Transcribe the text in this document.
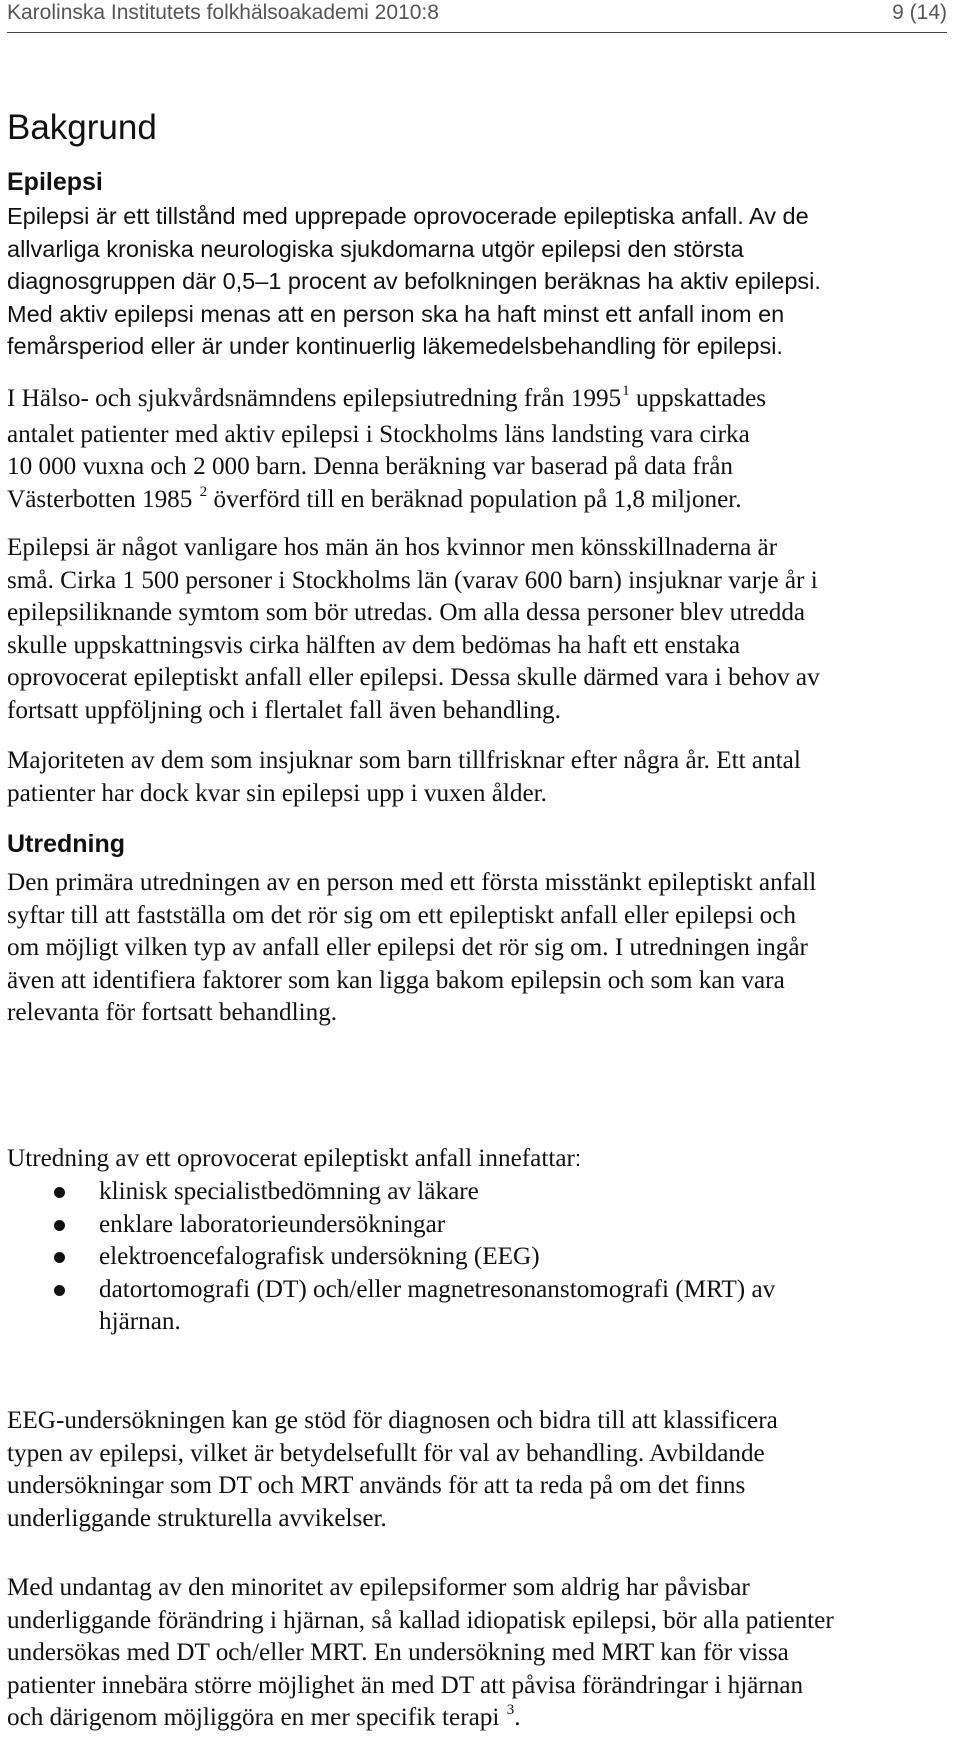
Karolinska Institutets folkhälsoakademi 2010:8	9 (14)
Bakgrund
Epilepsi
Epilepsi är ett tillstånd med upprepade oprovocerade epileptiska anfall. Av de
allvarliga kroniska neurologiska sjukdomarna utgör epilepsi den största
diagnosgruppen där 0,5–1 procent av befolkningen beräknas ha aktiv epilepsi.
Med aktiv epilepsi menas att en person ska ha haft minst ett anfall inom en
femårsperiod eller är under kontinuerlig läkemedelsbehandling för epilepsi.
I Hälso- och sjukvårdsnämndens epilepsiutredning från 1995$^1$ uppskattades
antalet patienter med aktiv epilepsi i Stockholms läns landsting vara cirka
10 000 vuxna och 2 000 barn. Denna beräkning var baserad på data från
Västerbotten 1985 $^2$ överförd till en beräknad population på 1,8 miljoner.
Epilepsi är något vanligare hos män än hos kvinnor men könsskillnaderna är
små. Cirka 1 500 personer i Stockholms län (varav 600 barn) insjuknar varje år i
epilepsiliknande symtom som bör utredas. Om alla dessa personer blev utredda
skulle uppskattningsvis cirka hälften av dem bedömas ha haft ett enstaka
oprovocerat epileptiskt anfall eller epilepsi. Dessa skulle därmed vara i behov av
fortsatt uppföljning och i flertalet fall även behandling.
Majoriteten av dem som insjuknar som barn tillfrisknar efter några år. Ett antal
patienter har dock kvar sin epilepsi upp i vuxen ålder.
Utredning
Den primära utredningen av en person med ett första misstänkt epileptiskt anfall
syftar till att fastställa om det rör sig om ett epileptiskt anfall eller epilepsi och
om möjligt vilken typ av anfall eller epilepsi det rör sig om. I utredningen ingår
även att identifiera faktorer som kan ligga bakom epilepsin och som kan vara
relevanta för fortsatt behandling.
Utredning av ett oprovocerat epileptiskt anfall innefattar:
klinisk specialistbedömning av läkare
enklare laboratorieundersökningar
elektroencefalografisk undersökning (EEG)
datortomografi (DT) och/eller magnetresonanstomografi (MRT) av
hjärnan.
EEG-undersökningen kan ge stöd för diagnosen och bidra till att klassificera
typen av epilepsi, vilket är betydelsefullt för val av behandling. Avbildande
undersökningar som DT och MRT används för att ta reda på om det finns
underliggande strukturella avvikelser.
Med undantag av den minoritet av epilepsiformer som aldrig har påvisbar
underliggande förändring i hjärnan, så kallad idiopatisk epilepsi, bör alla patienter
undersökas med DT och/eller MRT. En undersökning med MRT kan för vissa
patienter innebära större möjlighet än med DT att påvisa förändringar i hjärnan
och därigenom möjliggöra en mer specifik terapi $^3$.
